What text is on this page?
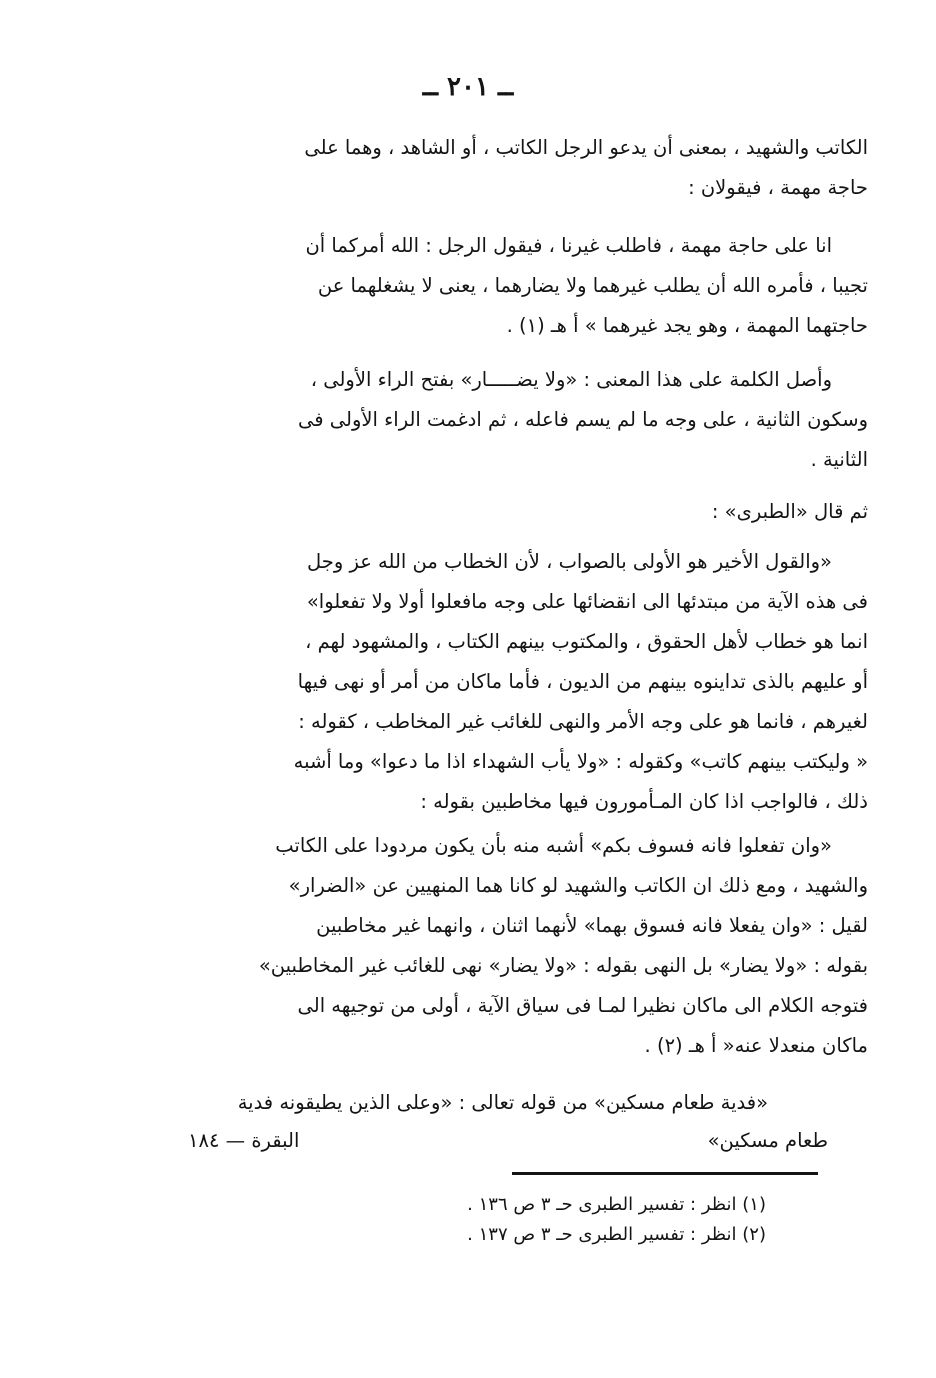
ــ ٢٠١ ــ
الكاتب والشهيد ، بمعنى أن يدعو الرجل الكاتب ، أو الشاهد ، وهما على
حاجة مهمة ، فيقولان :
انا على حاجة مهمة ، فاطلب غيرنا ، فيقول الرجل : الله أمركما أن
تجيبا ، فأمره الله أن يطلب غيرهما ولا يضارهما ، يعنى لا يشغلهما عن
حاجتهما المهمة ، وهو يجد غيرهما » أ هـ (١) .
وأصل الكلمة على هذا المعنى : «ولا يضـــــار» بفتح الراء الأولى ،
وسكون الثانية ، على وجه ما لم يسم فاعله ، ثم ادغمت الراء الأولى فى
الثانية .
ثم قال «الطبرى» :
«والقول الأخير هو الأولى بالصواب ، لأن الخطاب من الله عز وجل
فى هذه الآية من مبتدئها الى انقضائها على وجه مافعلوا أولا ولا تفعلوا»
انما هو خطاب لأهل الحقوق ، والمكتوب بينهم الكتاب ، والمشهود لهم ،
أو عليهم بالذى تداينوه بينهم من الديون ، فأما ماكان من أمر أو نهى فيها
لغيرهم ، فانما هو على وجه الأمر والنهى للغائب غير المخاطب ، كقوله :
« وليكتب بينهم كاتب» وكقوله : «ولا يأب الشهداء اذا ما دعوا» وما أشبه
ذلك ، فالواجب اذا كان المـأمورون فيها مخاطبين بقوله :
«وان تفعلوا فانه فسوف بكم» أشبه منه بأن يكون مردودا على الكاتب
والشهيد ، ومع ذلك ان الكاتب والشهيد لو كانا هما المنهيين عن «الضرار»
لقيل : «وان يفعلا فانه فسوق بهما» لأنهما اثنان ، وانهما غير مخاطبين
بقوله : «ولا يضار» بل النهى بقوله : «ولا يضار» نهى للغائب غير المخاطبين»
فتوجه الكلام الى ماكان نظيرا لمـا فى سياق الآية ، أولى من توجيهه الى
ماكان منعدلا عنه« أ هـ (٢) .
«فدية طعام مسكين» من قوله تعالى : «وعلى الذين يطيقونه فدية
طعام مسكين»
البقرة — ١٨٤
(١) انظر : تفسير الطبرى حـ ٣ ص ١٣٦ .
(٢) انظر : تفسير الطبرى حـ ٣ ص ١٣٧ .
